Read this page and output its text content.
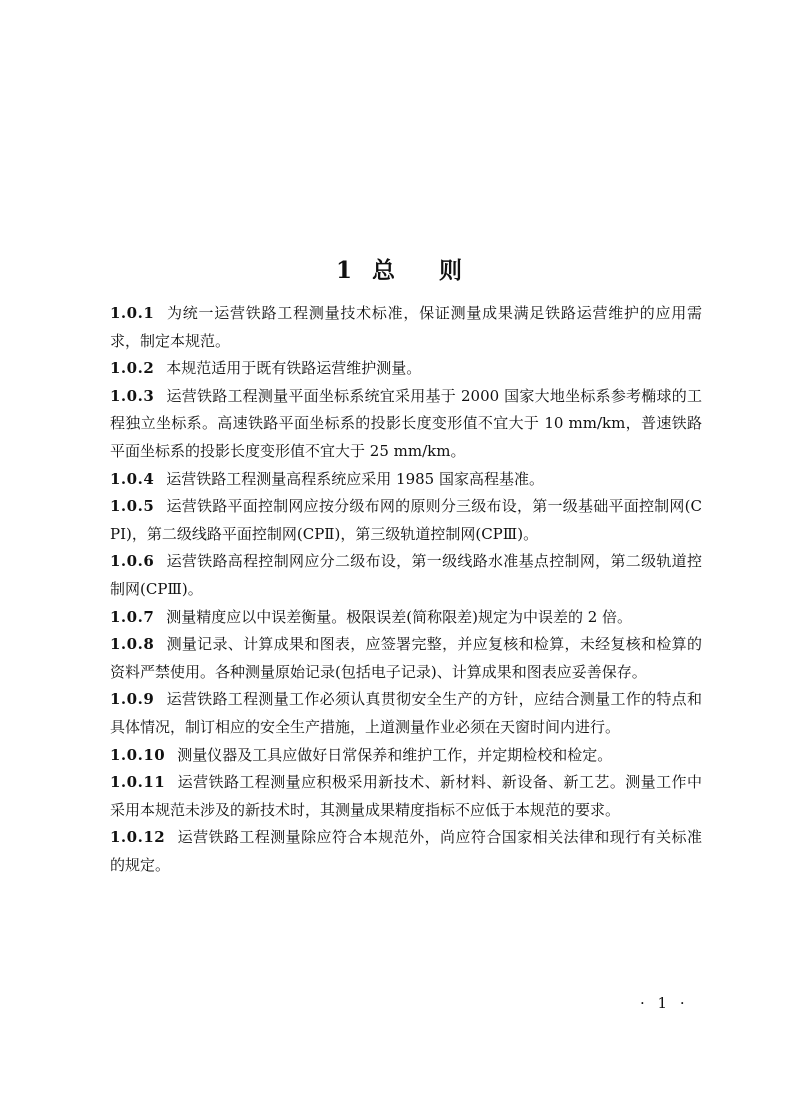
1 总 则

1.0.1 为统一运营铁路工程测量技术标准，保证测量成果满足铁路运营维护的应用需求，制定本规范。

1.0.2 本规范适用于既有铁路运营维护测量。

1.0.3 运营铁路工程测量平面坐标系统宜采用基于 2000 国家大地坐标系参考椭球的工程独立坐标系。高速铁路平面坐标系的投影长度变形值不宜大于 10 mm/km，普速铁路平面坐标系的投影长度变形值不宜大于 25 mm/km。

1.0.4 运营铁路工程测量高程系统应采用 1985 国家高程基准。

1.0.5 运营铁路平面控制网应按分级布网的原则分三级布设，第一级基础平面控制网(CPⅠ)，第二级线路平面控制网(CPⅡ)，第三级轨道控制网(CPⅢ)。

1.0.6 运营铁路高程控制网应分二级布设，第一级线路水准基点控制网，第二级轨道控制网(CPⅢ)。

1.0.7 测量精度应以中误差衡量。极限误差(简称限差)规定为中误差的 2 倍。

1.0.8 测量记录、计算成果和图表，应签署完整，并应复核和检算，未经复核和检算的资料严禁使用。各种测量原始记录(包括电子记录)、计算成果和图表应妥善保存。

1.0.9 运营铁路工程测量工作必须认真贯彻安全生产的方针，应结合测量工作的特点和具体情况，制订相应的安全生产措施，上道测量作业必须在天窗时间内进行。

1.0.10 测量仪器及工具应做好日常保养和维护工作，并定期检校和检定。

1.0.11 运营铁路工程测量应积极采用新技术、新材料、新设备、新工艺。测量工作中采用本规范未涉及的新技术时，其测量成果精度指标不应低于本规范的要求。

1.0.12 运营铁路工程测量除应符合本规范外，尚应符合国家相关法律和现行有关标准的规定。

· 1 ·
